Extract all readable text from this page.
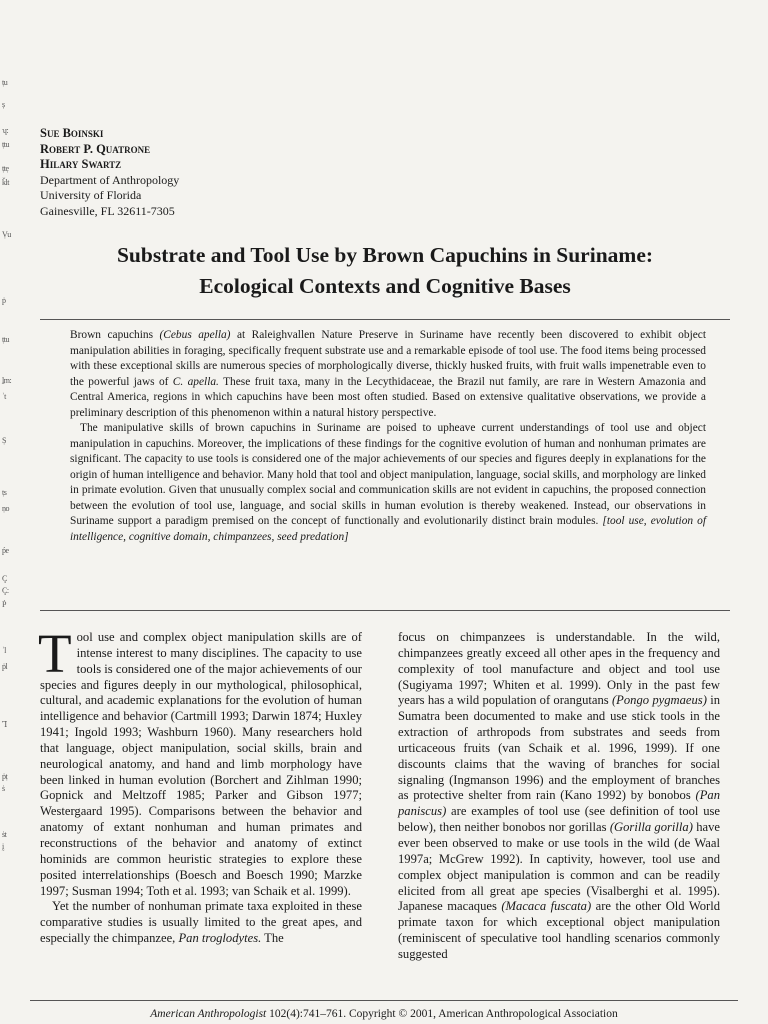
ṭu
ș
ʮ:
ṭtu
ṭtẹ
ǩlt
Ṿu
ṗ
ṭtu
ḻm:
ʾt
Ṣ
ṭs
ṇo
ṕe
Ç
Ç:
Ṗ
ʾl
ṗl
Ꞁ
ṗṭ
ṡ
ṡt
ḭ
Sue Boinski
Robert P. Quatrone
Hilary Swartz
Department of Anthropology
University of Florida
Gainesville, FL 32611-7305
Substrate and Tool Use by Brown Capuchins in Suriname:
Ecological Contexts and Cognitive Bases

Brown capuchins (Cebus apella) at Raleighvallen Nature Preserve in Suriname have recently been discovered to exhibit object manipulation abilities in foraging, specifically frequent substrate use and a remarkable episode of tool use. The food items being processed with these exceptional skills are numerous species of morphologically diverse, thickly husked fruits, with fruit walls impenetrable even to the powerful jaws of C. apella. These fruit taxa, many in the Lecythidaceae, the Brazil nut family, are rare in Western Amazonia and Central America, regions in which capuchins have been most often studied. Based on extensive qualitative observations, we provide a preliminary description of this phenomenon within a natural history perspective.

The manipulative skills of brown capuchins in Suriname are poised to upheave current understandings of tool use and object manipulation in capuchins. Moreover, the implications of these findings for the cognitive evolution of human and nonhuman primates are significant. The capacity to use tools is considered one of the major achievements of our species and figures deeply in explanations for the origin of human intelligence and behavior. Many hold that tool and object manipulation, language, social skills, and morphology are linked in primate evolution. Given that unusually complex social and communication skills are not evident in capuchins, the proposed connection between the evolution of tool use, language, and social skills in human evolution is thereby weakened. Instead, our observations in Suriname support a paradigm premised on the concept of functionally and evolutionarily distinct brain modules. [tool use, evolution of intelligence, cognitive domain, chimpanzees, seed predation]

Tool use and complex object manipulation skills are of intense interest to many disciplines. The capacity to use tools is considered one of the major achievements of our species and figures deeply in our mythological, philosophical, cultural, and academic explanations for the evolution of human intelligence and behavior (Cartmill 1993; Darwin 1874; Huxley 1941; Ingold 1993; Washburn 1960). Many researchers hold that language, object manipulation, social skills, brain and neurological anatomy, and hand and limb morphology have been linked in human evolution (Borchert and Zihlman 1990; Gopnick and Meltzoff 1985; Parker and Gibson 1977; Westergaard 1995). Comparisons between the behavior and anatomy of extant nonhuman and human primates and reconstructions of the behavior and anatomy of extinct hominids are common heuristic strategies to explore these posited interrelationships (Boesch and Boesch 1990; Marzke 1997; Susman 1994; Toth et al. 1993; van Schaik et al. 1999).

Yet the number of nonhuman primate taxa exploited in these comparative studies is usually limited to the great apes, and especially the chimpanzee, Pan troglodytes. The

focus on chimpanzees is understandable. In the wild, chimpanzees greatly exceed all other apes in the frequency and complexity of tool manufacture and object and tool use (Sugiyama 1997; Whiten et al. 1999). Only in the past few years has a wild population of orangutans (Pongo pygmaeus) in Sumatra been documented to make and use stick tools in the extraction of arthropods from substrates and seeds from urticaceous fruits (van Schaik et al. 1996, 1999). If one discounts claims that the waving of branches for social signaling (Ingmanson 1996) and the employment of branches as protective shelter from rain (Kano 1992) by bonobos (Pan paniscus) are examples of tool use (see definition of tool use below), then neither bonobos nor gorillas (Gorilla gorilla) have ever been observed to make or use tools in the wild (de Waal 1997a; McGrew 1992). In captivity, however, tool use and complex object manipulation is common and can be readily elicited from all great ape species (Visalberghi et al. 1995). Japanese macaques (Macaca fuscata) are the other Old World primate taxon for which exceptional object manipulation (reminiscent of speculative tool handling scenarios commonly suggested

American Anthropologist 102(4):741–761. Copyright © 2001, American Anthropological Association
